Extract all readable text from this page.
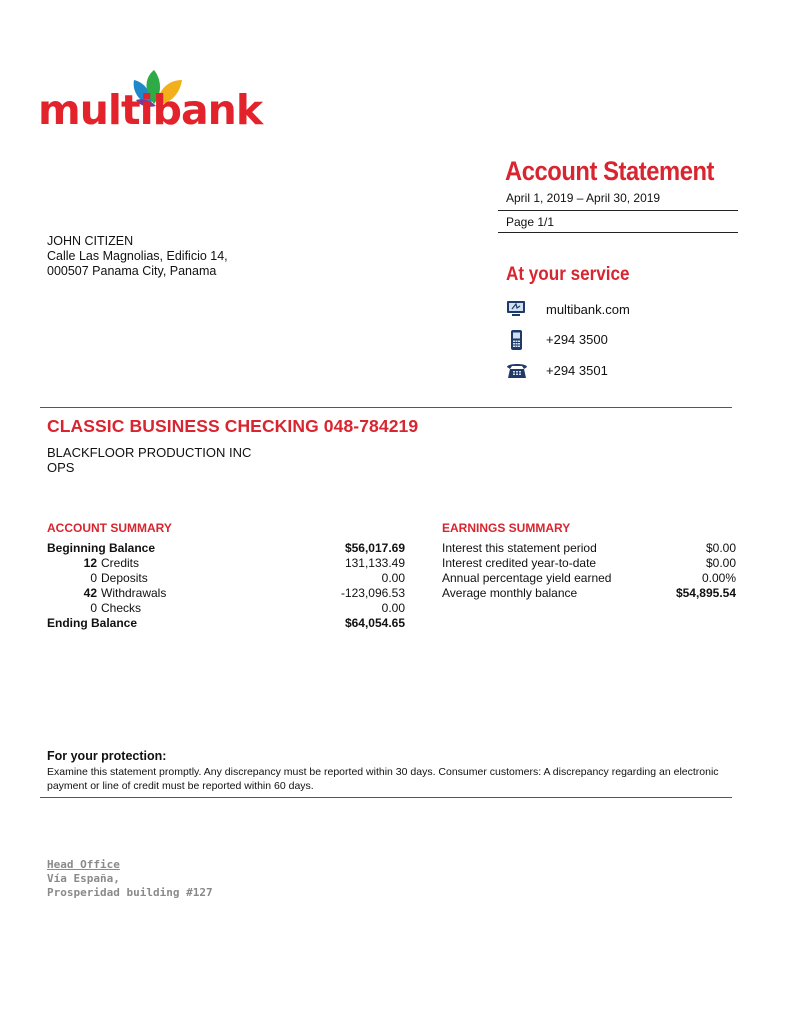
multibank
Account Statement
April 1, 2019 – April 30, 2019
Page 1/1
JOHN CITIZEN
Calle Las Magnolias, Edificio 14,
000507 Panama City, Panama	At your service
multibank.com
+294 3500
+294 3501
CLASSIC BUSINESS CHECKING 048-784219
BLACKFLOOR PRODUCTION INC
OPS
ACCOUNT SUMMARY
Beginning Balance		$56,017.69
12	Credits	131,133.49
0	Deposits	0.00
42	Withdrawals	-123,096.53
0	Checks	0.00
Ending Balance		$64,054.65
EARNINGS SUMMARY
Interest this statement period	$0.00
Interest credited year-to-date	$0.00
Annual percentage yield earned	0.00%
Average monthly balance	$54,895.54
For your protection:
Examine this statement promptly. Any discrepancy must be reported within 30 days. Consumer customers: A discrepancy regarding an electronic payment or line of credit must be reported within 60 days.
Head Office
Vía España,
Prosperidad building #127
